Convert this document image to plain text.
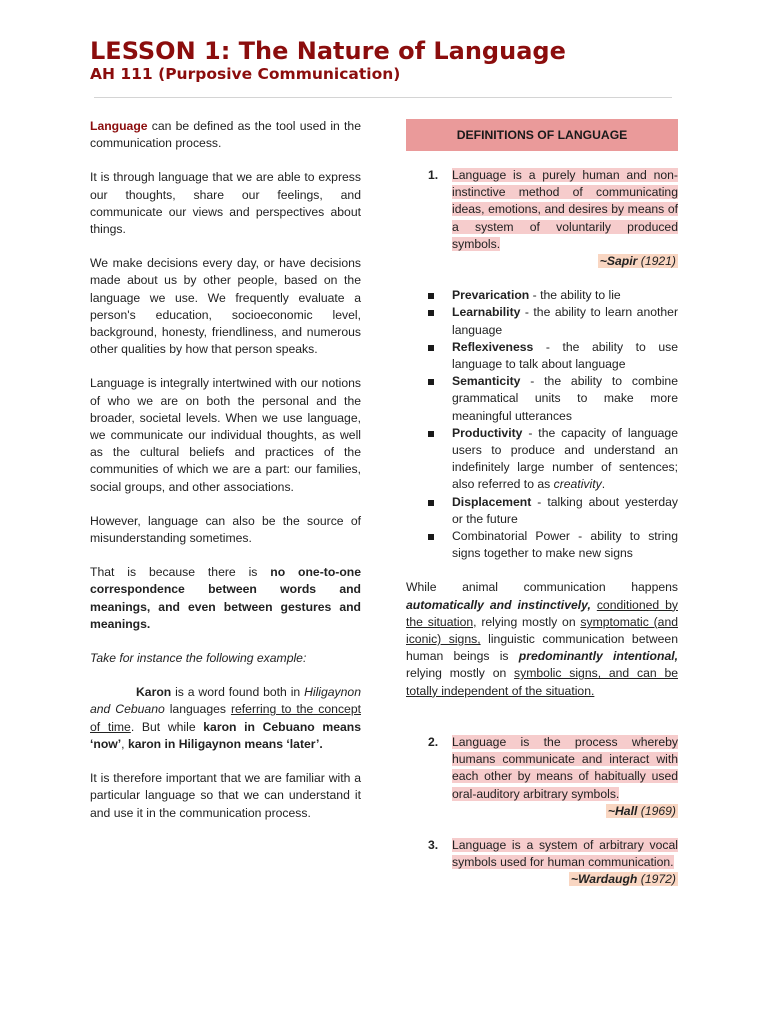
LESSON 1: The Nature of Language
AH 111 (Purposive Communication)

Language can be defined as the tool used in the communication process.

It is through language that we are able to express our thoughts, share our feelings, and communicate our views and perspectives about things.

We make decisions every day, or have decisions made about us by other people, based on the language we use. We frequently evaluate a person's education, socioeconomic level, background, honesty, friendliness, and numerous other qualities by how that person speaks.

Language is integrally intertwined with our notions of who we are on both the personal and the broader, societal levels. When we use language, we communicate our individual thoughts, as well as the cultural beliefs and practices of the communities of which we are a part: our families, social groups, and other associations.

However, language can also be the source of misunderstanding sometimes.

That is because there is no one-to-one correspondence between words and meanings, and even between gestures and meanings.

Take for instance the following example:

Karon is a word found both in Hiligaynon and Cebuano languages referring to the concept of time. But while karon in Cebuano means ‘now’, karon in Hiligaynon means ‘later’.

It is therefore important that we are familiar with a particular language so that we can understand it and use it in the communication process.

DEFINITIONS OF LANGUAGE
1.	Language is a purely human and non-instinctive method of communicating ideas, emotions, and desires by means of a system of voluntarily produced symbols.
~Sapir (1921)
Prevarication - the ability to lie
Learnability - the ability to learn another language
Reflexiveness - the ability to use language to talk about language
Semanticity - the ability to combine grammatical units to make more meaningful utterances
Productivity - the capacity of language users to produce and understand an indefinitely large number of sentences; also referred to as creativity.
Displacement - talking about yesterday or the future
Combinatorial Power - ability to string signs together to make new signs

While animal communication happens automatically and instinctively, conditioned by the situation, relying mostly on symptomatic (and iconic) signs, linguistic communication between human beings is predominantly intentional, relying mostly on symbolic signs, and can be totally independent of the situation.

2.	Language is the process whereby humans communicate and interact with each other by means of habitually used oral-auditory arbitrary symbols.
~Hall (1969)
3.	Language is a system of arbitrary vocal symbols used for human communication.
~Wardaugh (1972)
